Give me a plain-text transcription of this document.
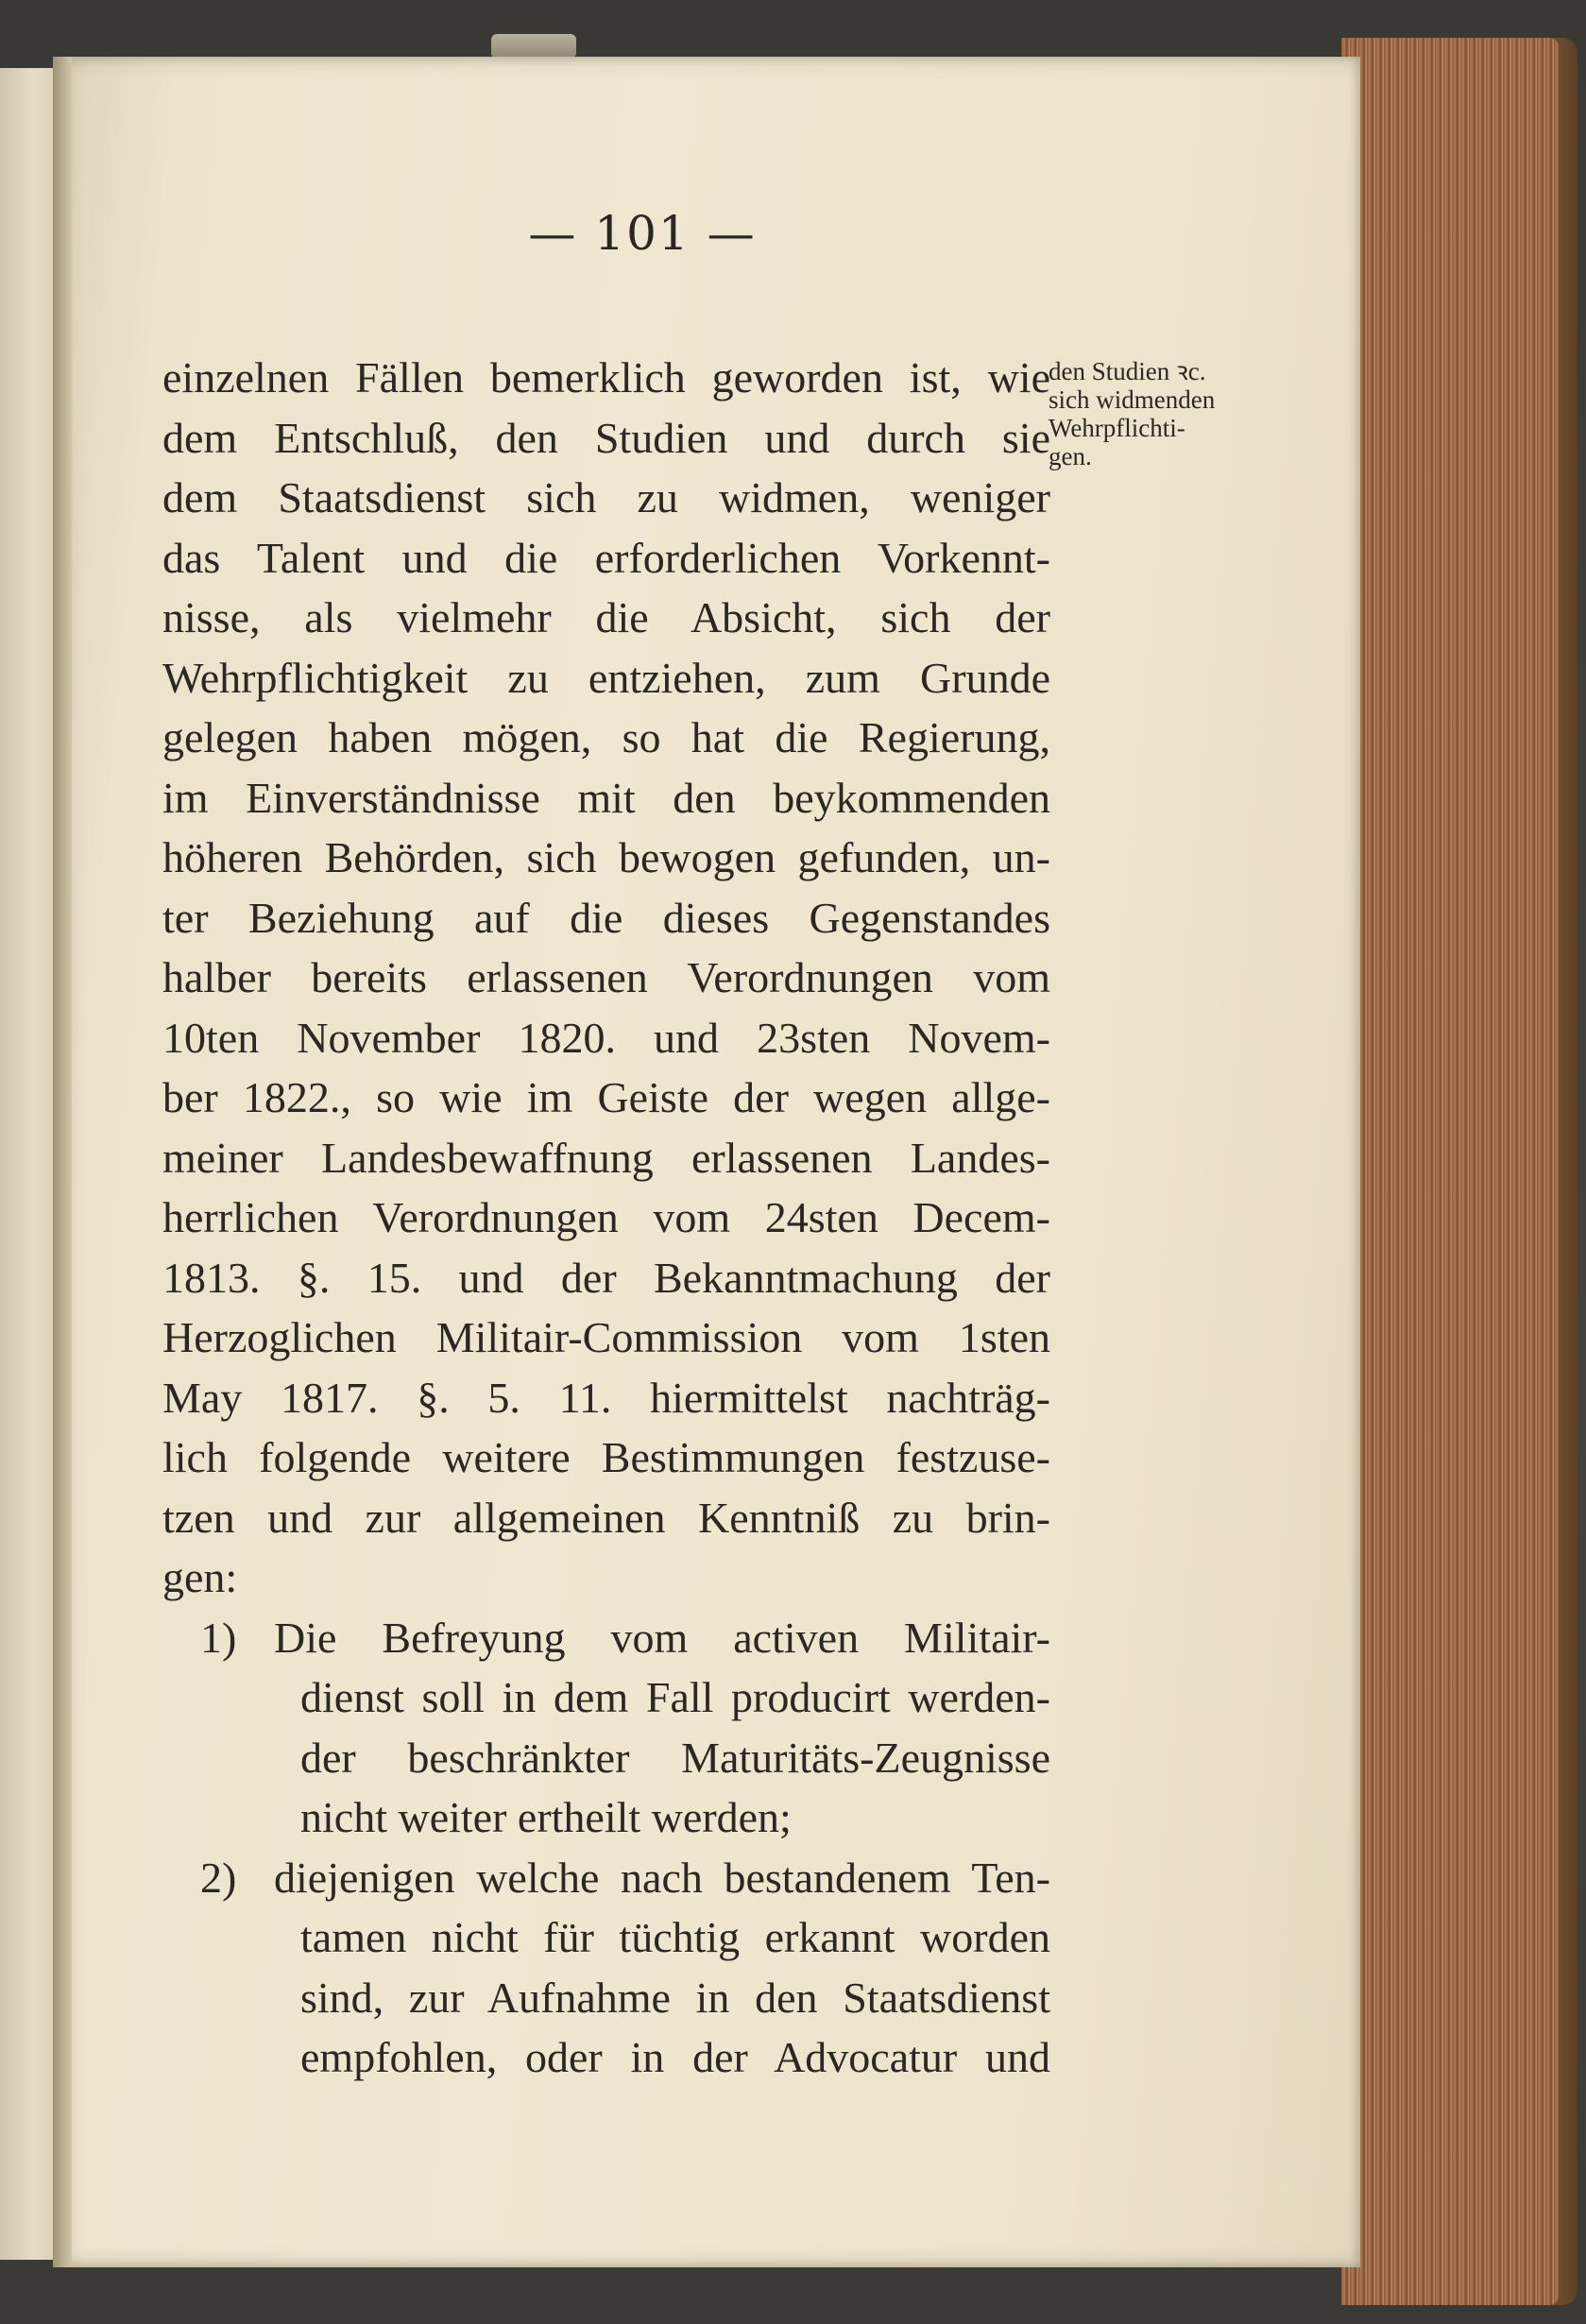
— 101 —
den Studien ꝛc.
sich widmenden
Wehrpflichti-
gen.
einzelnen Fällen bemerklich geworden ist, wie
dem Entschluß, den Studien und durch sie
dem Staatsdienst sich zu widmen, weniger
das Talent und die erforderlichen Vorkennt-
nisse, als vielmehr die Absicht, sich der
Wehrpflichtigkeit zu entziehen, zum Grunde
gelegen haben mögen, so hat die Regierung,
im Einverständnisse mit den beykommenden
höheren Behörden, sich bewogen gefunden, un-
ter Beziehung auf die dieses Gegenstandes
halber bereits erlassenen Verordnungen vom
10ten November 1820. und 23sten Novem-
ber 1822., so wie im Geiste der wegen allge-
meiner Landesbewaffnung erlassenen Landes-
herrlichen Verordnungen vom 24sten Decem-
1813. §. 15. und der Bekanntmachung der
Herzoglichen Militair-Commission vom 1sten
May 1817. §. 5. 11. hiermittelst nachträg-
lich folgende weitere Bestimmungen festzuse-
tzen und zur allgemeinen Kenntniß zu brin-
gen:
1) Die Befreyung vom activen Militair-
dienst soll in dem Fall producirt werden-
der beschränkter Maturitäts-Zeugnisse
nicht weiter ertheilt werden;
2) diejenigen welche nach bestandenem Ten-
tamen nicht für tüchtig erkannt worden
sind, zur Aufnahme in den Staatsdienst
empfohlen, oder in der Advocatur und
